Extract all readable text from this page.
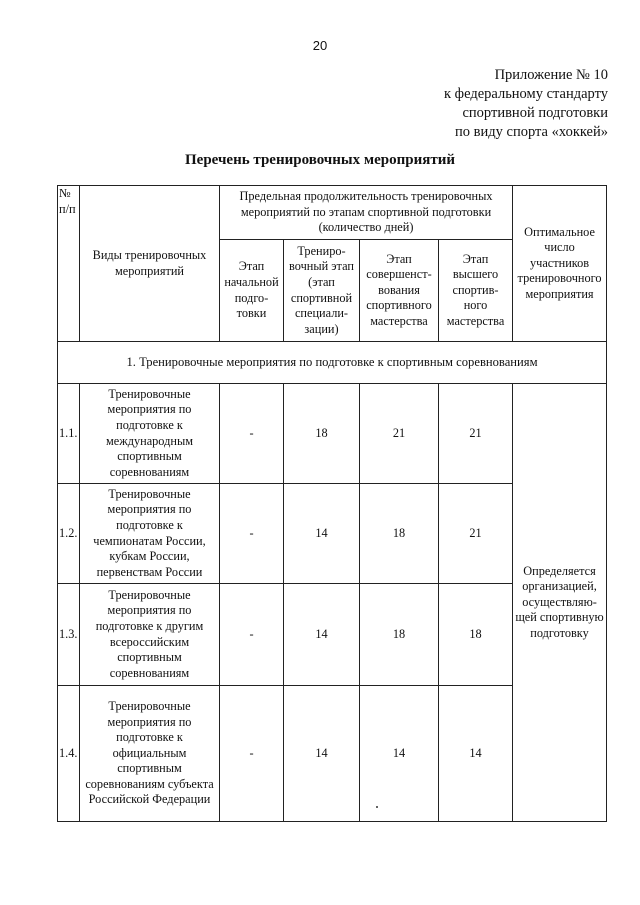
20
Приложение № 10
к федеральному стандарту
спортивной подготовки
по виду спорта «хоккей»
Перечень тренировочных мероприятий
№ п/п	Виды тренировочных мероприятий	Предельная продолжительность тренировочных мероприятий по этапам спортивной подготовки (количество дней)				Оптимальное число участников тренировочного мероприятия
		Этап начальной подго-товки	Трениро-вочный этап (этап спортивной специали-зации)	Этап совершенст-вования спортивного мастерства	Этап высшего спортив-ного мастерства	
1. Тренировочные мероприятия по подготовке к спортивным соревнованиям						
1.1.	Тренировочные мероприятия по подготовке к международным спортивным соревнованиям	-	18	21	21	Определяется организацией, осуществляю-щей спортивную подготовку
1.2.	Тренировочные мероприятия по подготовке к чемпионатам России, кубкам России, первенствам России	-	14	18	21	
1.3.	Тренировочные мероприятия по подготовке к другим всероссийским спортивным соревнованиям	-	14	18	18	
1.4.	Тренировочные мероприятия по подготовке к официальным спортивным соревнованиям субъекта Российской Федерации	-	14	14	14	
